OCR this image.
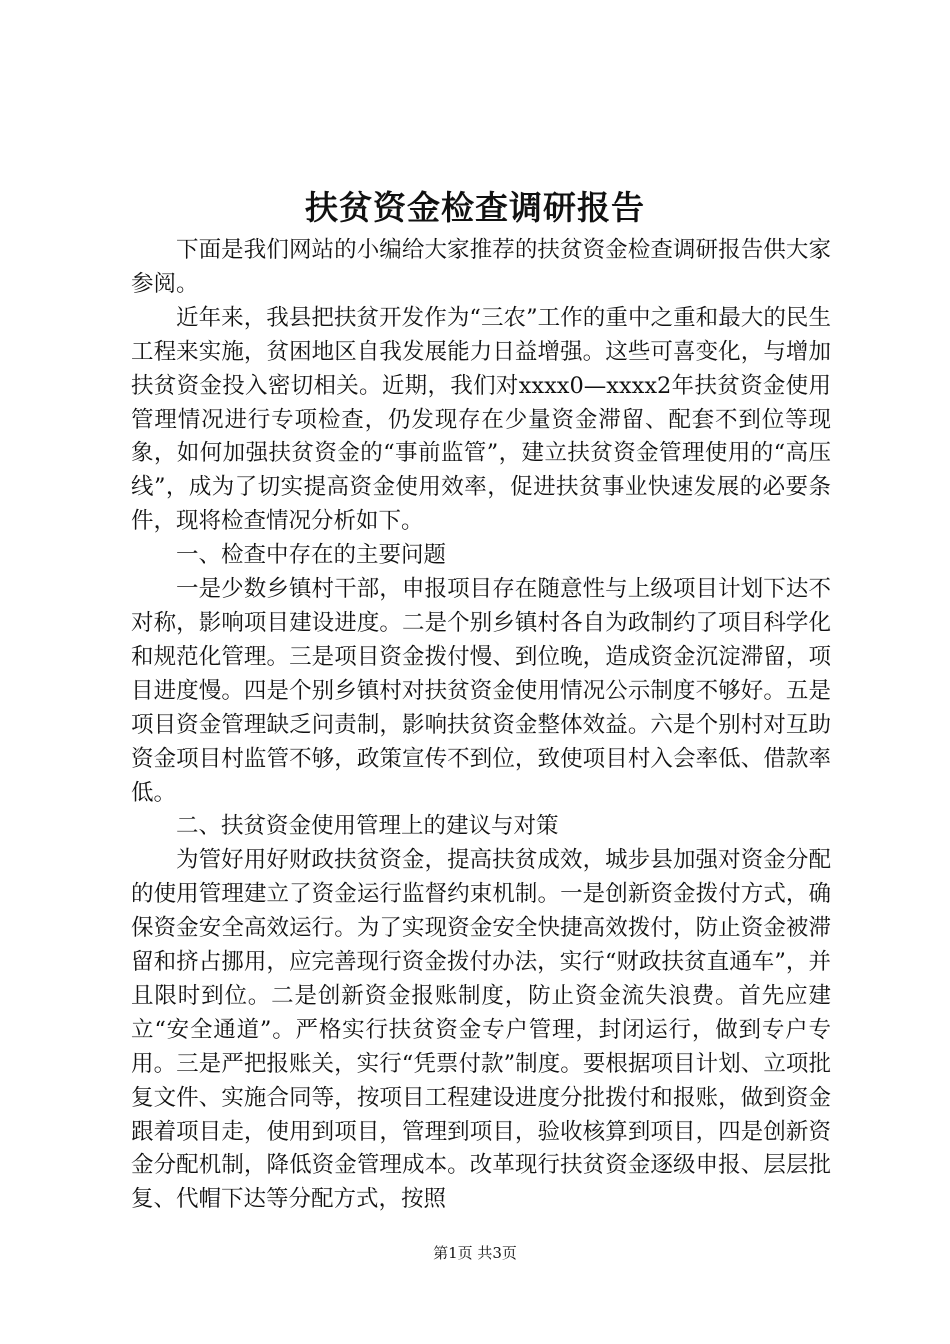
扶贫资金检查调研报告

下面是我们网站的小编给大家推荐的扶贫资金检查调研报告供大家参阅。

近年来，我县把扶贫开发作为“三农”工作的重中之重和最大的民生工程来实施，贫困地区自我发展能力日益增强。这些可喜变化，与增加扶贫资金投入密切相关。近期，我们对xxxx0—xxxx2年扶贫资金使用管理情况进行专项检查，仍发现存在少量资金滞留、配套不到位等现象，如何加强扶贫资金的“事前监管”，建立扶贫资金管理使用的“高压线”，成为了切实提高资金使用效率，促进扶贫事业快速发展的必要条件，现将检查情况分析如下。

一、检查中存在的主要问题

一是少数乡镇村干部，申报项目存在随意性与上级项目计划下达不对称，影响项目建设进度。二是个别乡镇村各自为政制约了项目科学化和规范化管理。三是项目资金拨付慢、到位晚，造成资金沉淀滞留，项目进度慢。四是个别乡镇村对扶贫资金使用情况公示制度不够好。五是项目资金管理缺乏问责制，影响扶贫资金整体效益。六是个别村对互助资金项目村监管不够，政策宣传不到位，致使项目村入会率低、借款率低。

二、扶贫资金使用管理上的建议与对策

为管好用好财政扶贫资金，提高扶贫成效，城步县加强对资金分配的使用管理建立了资金运行监督约束机制。一是创新资金拨付方式，确保资金安全高效运行。为了实现资金安全快捷高效拨付，防止资金被滞留和挤占挪用，应完善现行资金拨付办法，实行“财政扶贫直通车”，并且限时到位。二是创新资金报账制度，防止资金流失浪费。首先应建立“安全通道”。严格实行扶贫资金专户管理，封闭运行，做到专户专用。三是严把报账关，实行“凭票付款”制度。要根据项目计划、立项批复文件、实施合同等，按项目工程建设进度分批拨付和报账，做到资金跟着项目走，使用到项目，管理到项目，验收核算到项目，四是创新资金分配机制，降低资金管理成本。改革现行扶贫资金逐级申报、层层批复、代帽下达等分配方式，按照

第1页 共3页
